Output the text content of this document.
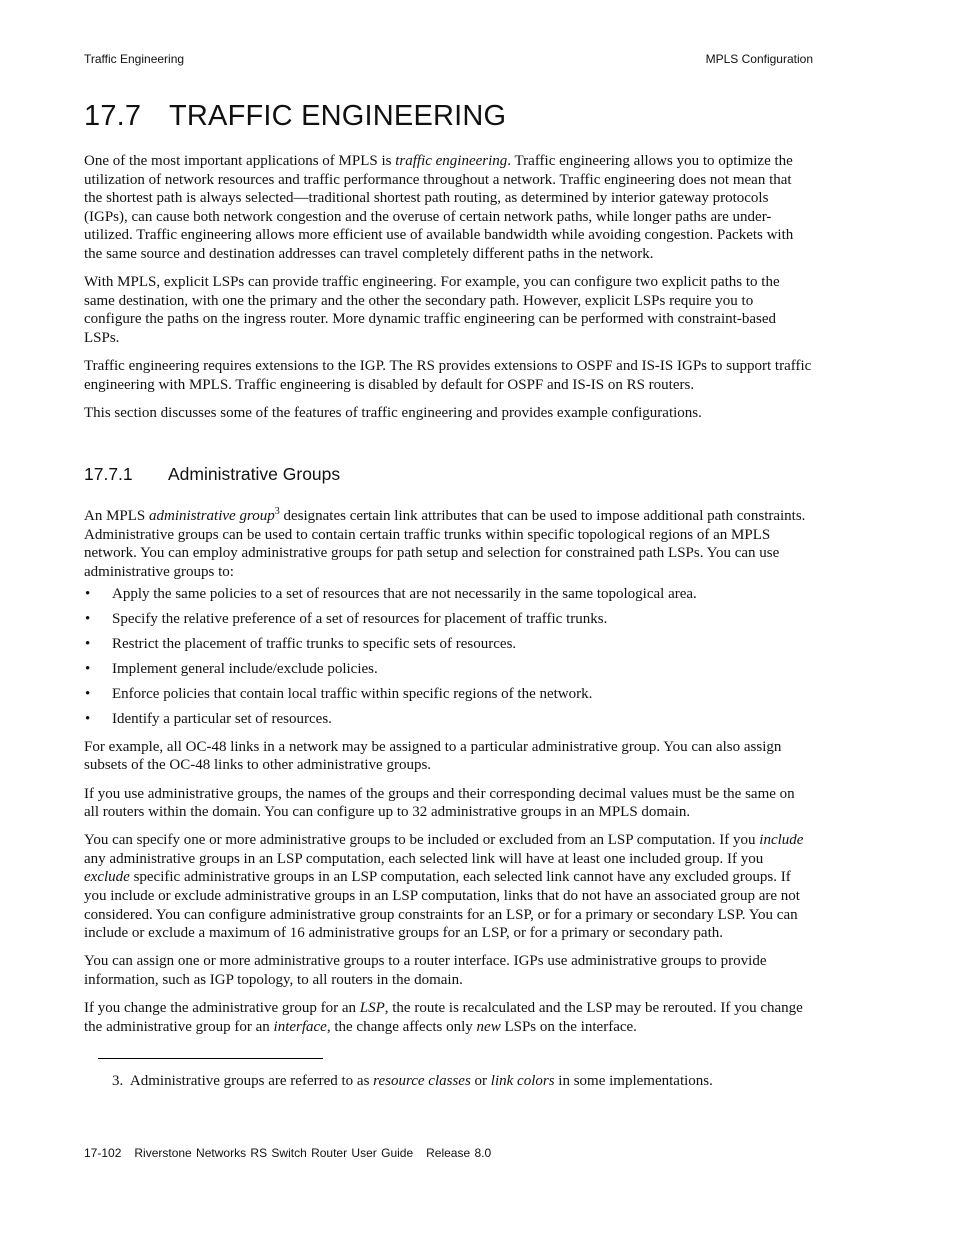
Traffic Engineering	MPLS Configuration
17.7 TRAFFIC ENGINEERING

One of the most important applications of MPLS is traffic engineering. Traffic engineering allows you to optimize the utilization of network resources and traffic performance throughout a network. Traffic engineering does not mean that the shortest path is always selected—traditional shortest path routing, as determined by interior gateway protocols (IGPs), can cause both network congestion and the overuse of certain network paths, while longer paths are under-utilized. Traffic engineering allows more efficient use of available bandwidth while avoiding congestion. Packets with the same source and destination addresses can travel completely different paths in the network.

With MPLS, explicit LSPs can provide traffic engineering. For example, you can configure two explicit paths to the same destination, with one the primary and the other the secondary path. However, explicit LSPs require you to configure the paths on the ingress router. More dynamic traffic engineering can be performed with constraint-based LSPs.

Traffic engineering requires extensions to the IGP. The RS provides extensions to OSPF and IS-IS IGPs to support traffic engineering with MPLS. Traffic engineering is disabled by default for OSPF and IS-IS on RS routers.

This section discusses some of the features of traffic engineering and provides example configurations.

17.7.1 Administrative Groups

An MPLS administrative group$^3$ designates certain link attributes that can be used to impose additional path constraints. Administrative groups can be used to contain certain traffic trunks within specific topological regions of an MPLS network. You can employ administrative groups for path setup and selection for constrained path LSPs. You can use administrative groups to:

• Apply the same policies to a set of resources that are not necessarily in the same topological area.
• Specify the relative preference of a set of resources for placement of traffic trunks.
• Restrict the placement of traffic trunks to specific sets of resources.
• Implement general include/exclude policies.
• Enforce policies that contain local traffic within specific regions of the network.
• Identify a particular set of resources.

For example, all OC-48 links in a network may be assigned to a particular administrative group. You can also assign subsets of the OC-48 links to other administrative groups.

If you use administrative groups, the names of the groups and their corresponding decimal values must be the same on all routers within the domain. You can configure up to 32 administrative groups in an MPLS domain.

You can specify one or more administrative groups to be included or excluded from an LSP computation. If you include any administrative groups in an LSP computation, each selected link will have at least one included group. If you exclude specific administrative groups in an LSP computation, each selected link cannot have any excluded groups. If you include or exclude administrative groups in an LSP computation, links that do not have an associated group are not considered. You can configure administrative group constraints for an LSP, or for a primary or secondary LSP. You can include or exclude a maximum of 16 administrative groups for an LSP, or for a primary or secondary path.

You can assign one or more administrative groups to a router interface. IGPs use administrative groups to provide information, such as IGP topology, to all routers in the domain.

If you change the administrative group for an LSP, the route is recalculated and the LSP may be rerouted. If you change the administrative group for an interface, the change affects only new LSPs on the interface.

3.  Administrative groups are referred to as resource classes or link colors in some implementations.
17-102   Riverstone Networks RS Switch Router User Guide   Release 8.0
